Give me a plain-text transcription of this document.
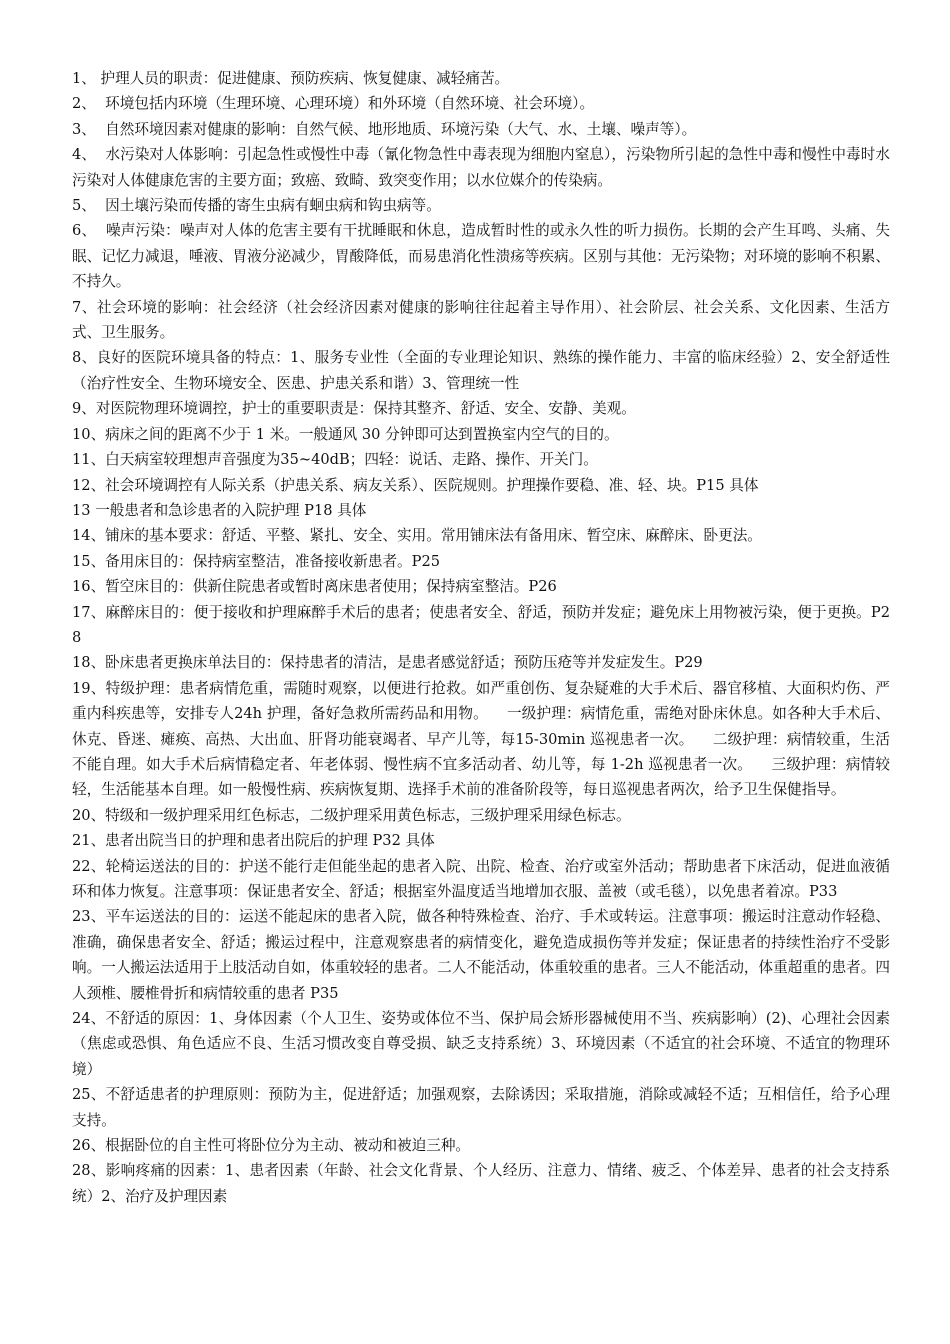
1、 护理人员的职责：促进健康、预防疾病、恢复健康、减轻痛苦。

2、  环境包括内环境（生理环境、心理环境）和外环境（自然环境、社会环境）。

3、  自然环境因素对健康的影响：自然气候、地形地质、环境污染（大气、水、土壤、噪声等）。

4、  水污染对人体影响：引起急性或慢性中毒（氰化物急性中毒表现为细胞内窒息），污染物所引起的急性中毒和慢性中毒时水污染对人体健康危害的主要方面；致癌、致畸、致突变作用；以水位媒介的传染病。

5、  因土壤污染而传播的寄生虫病有蛔虫病和钩虫病等。

6、  噪声污染：噪声对人体的危害主要有干扰睡眠和休息，造成暂时性的或永久性的听力损伤。长期的会产生耳鸣、头痛、失眠、记忆力减退，唾液、胃液分泌减少，胃酸降低，而易患消化性溃疡等疾病。区别与其他：无污染物；对环境的影响不积累、不持久。

7、社会环境的影响：社会经济（社会经济因素对健康的影响往往起着主导作用）、社会阶层、社会关系、文化因素、生活方式、卫生服务。

8、良好的医院环境具备的特点：1、服务专业性（全面的专业理论知识、熟练的操作能力、丰富的临床经验）2、安全舒适性（治疗性安全、生物环境安全、医患、护患关系和谐）3、管理统一性

9、对医院物理环境调控，护士的重要职责是：保持其整齐、舒适、安全、安静、美观。

10、病床之间的距离不少于 1 米。一般通风 30 分钟即可达到置换室内空气的目的。

11、白天病室较理想声音强度为35~40dB；四轻：说话、走路、操作、开关门。

12、社会环境调控有人际关系（护患关系、病友关系）、医院规则。护理操作要稳、准、轻、块。P15 具体

13 一般患者和急诊患者的入院护理 P18 具体

14、铺床的基本要求：舒适、平整、紧扎、安全、实用。常用铺床法有备用床、暂空床、麻醉床、卧更法。

15、备用床目的：保持病室整洁，准备接收新患者。P25

16、暂空床目的：供新住院患者或暂时离床患者使用；保持病室整洁。P26

17、麻醉床目的：便于接收和护理麻醉手术后的患者；使患者安全、舒适，预防并发症；避免床上用物被污染，便于更换。P28

18、卧床患者更换床单法目的：保持患者的清洁，是患者感觉舒适；预防压疮等并发症发生。P29

19、特级护理：患者病情危重，需随时观察，以便进行抢救。如严重创伤、复杂疑难的大手术后、器官移植、大面积灼伤、严重内科疾患等，安排专人24h 护理，备好急救所需药品和用物。    一级护理：病情危重，需绝对卧床休息。如各种大手术后、休克、昏迷、瘫痪、高热、大出血、肝肾功能衰竭者、早产儿等，每15-30min 巡视患者一次。    二级护理：病情较重，生活不能自理。如大手术后病情稳定者、年老体弱、慢性病不宜多活动者、幼儿等，每 1-2h 巡视患者一次。    三级护理：病情较轻，生活能基本自理。如一般慢性病、疾病恢复期、选择手术前的准备阶段等，每日巡视患者两次，给予卫生保健指导。

20、特级和一级护理采用红色标志，二级护理采用黄色标志，三级护理采用绿色标志。

21、患者出院当日的护理和患者出院后的护理 P32 具体

22、轮椅运送法的目的：护送不能行走但能坐起的患者入院、出院、检查、治疗或室外活动；帮助患者下床活动，促进血液循环和体力恢复。注意事项：保证患者安全、舒适；根据室外温度适当地增加衣服、盖被（或毛毯），以免患者着凉。P33

23、平车运送法的目的：运送不能起床的患者入院，做各种特殊检查、治疗、手术或转运。注意事项：搬运时注意动作轻稳、准确，确保患者安全、舒适；搬运过程中，注意观察患者的病情变化，避免造成损伤等并发症；保证患者的持续性治疗不受影响。一人搬运法适用于上肢活动自如，体重较轻的患者。二人不能活动，体重较重的患者。三人不能活动，体重超重的患者。四人颈椎、腰椎骨折和病情较重的患者 P35

24、不舒适的原因：1、身体因素（个人卫生、姿势或体位不当、保护局会矫形器械使用不当、疾病影响）(2)、心理社会因素（焦虑或恐惧、角色适应不良、生活习惯改变自尊受损、缺乏支持系统）3、环境因素（不适宜的社会环境、不适宜的物理环境）

25、不舒适患者的护理原则：预防为主，促进舒适；加强观察，去除诱因；采取措施，消除或减轻不适；互相信任，给予心理支持。

26、根据卧位的自主性可将卧位分为主动、被动和被迫三种。

28、影响疼痛的因素：1、患者因素（年龄、社会文化背景、个人经历、注意力、情绪、疲乏、个体差异、患者的社会支持系统）2、治疗及护理因素
